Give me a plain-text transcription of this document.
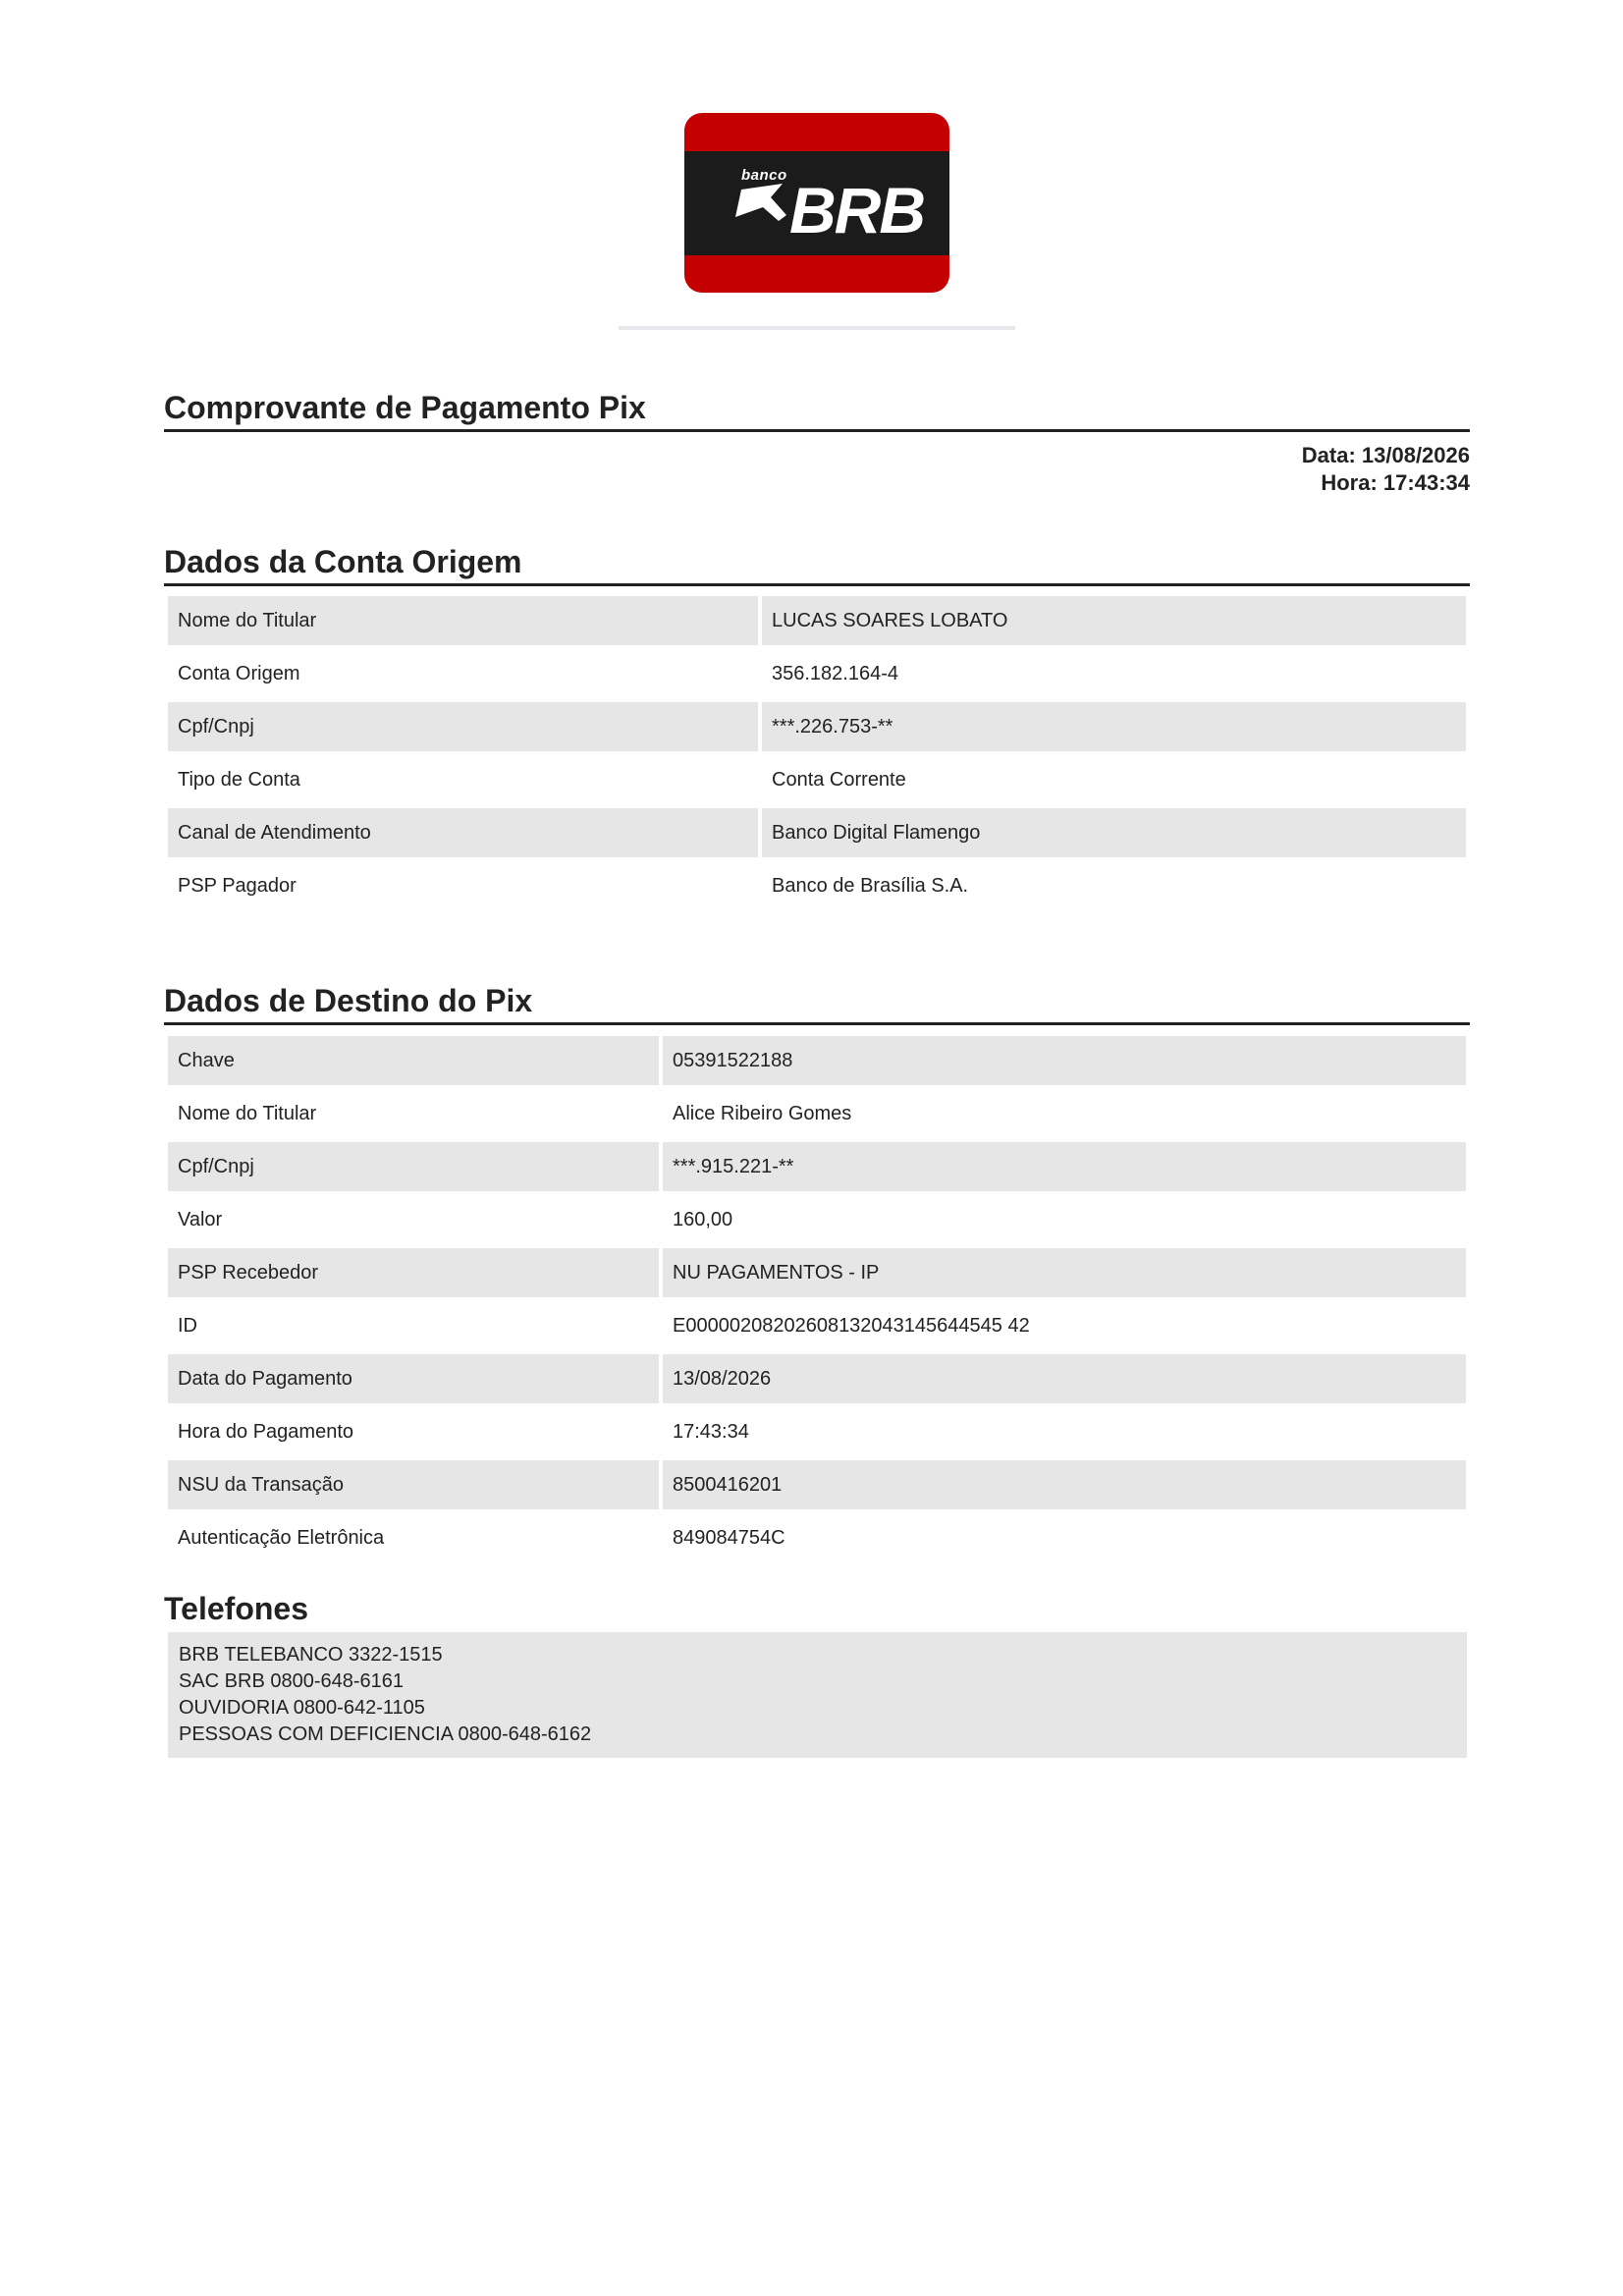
banco BRB
Comprovante de Pagamento Pix
Data: 13/08/2026
Hora: 17:43:34
Dados da Conta Origem
Nome do Titular	LUCAS SOARES LOBATO
Conta Origem	356.182.164-4
Cpf/Cnpj	***.226.753-**
Tipo de Conta	Conta Corrente
Canal de Atendimento	Banco Digital Flamengo
PSP Pagador	Banco de Brasília S.A.
Dados de Destino do Pix
Chave	05391522188
Nome do Titular	Alice Ribeiro Gomes
Cpf/Cnpj	***.915.221-**
Valor	160,00
PSP Recebedor	NU PAGAMENTOS - IP
ID	E00000208202608132043145644545 42
Data do Pagamento	13/08/2026
Hora do Pagamento	17:43:34
NSU da Transação	8500416201
Autenticação Eletrônica	849084754C
Telefones
BRB TELEBANCO 3322-1515
SAC BRB 0800-648-6161
OUVIDORIA 0800-642-1105
PESSOAS COM DEFICIENCIA 0800-648-6162
